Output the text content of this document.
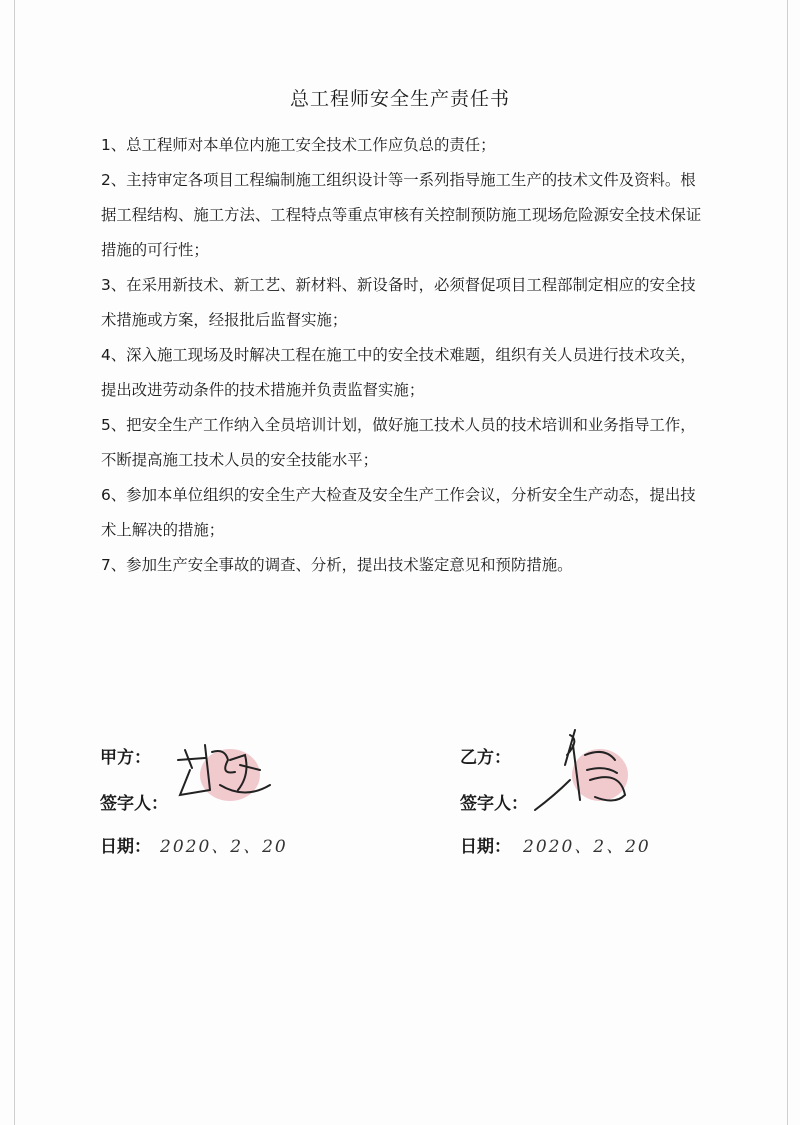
总工程师安全生产责任书

1、总工程师对本单位内施工安全技术工作应负总的责任；

2、主持审定各项目工程编制施工组织设计等一系列指导施工生产的技术文件及资料。根据工程结构、施工方法、工程特点等重点审核有关控制预防施工现场危险源安全技术保证措施的可行性；

3、在采用新技术、新工艺、新材料、新设备时，必须督促项目工程部制定相应的安全技术措施或方案，经报批后监督实施；

4、深入施工现场及时解决工程在施工中的安全技术难题，组织有关人员进行技术攻关，提出改进劳动条件的技术措施并负责监督实施；

5、把安全生产工作纳入全员培训计划，做好施工技术人员的技术培训和业务指导工作，不断提高施工技术人员的安全技能水平；

6、参加本单位组织的安全生产大检查及安全生产工作会议，分析安全生产动态，提出技术上解决的措施；

7、参加生产安全事故的调查、分析，提出技术鉴定意见和预防措施。

甲方：
签字人：
日期： 2020、2、20
乙方：
签字人：
日期： 2020、2、20
